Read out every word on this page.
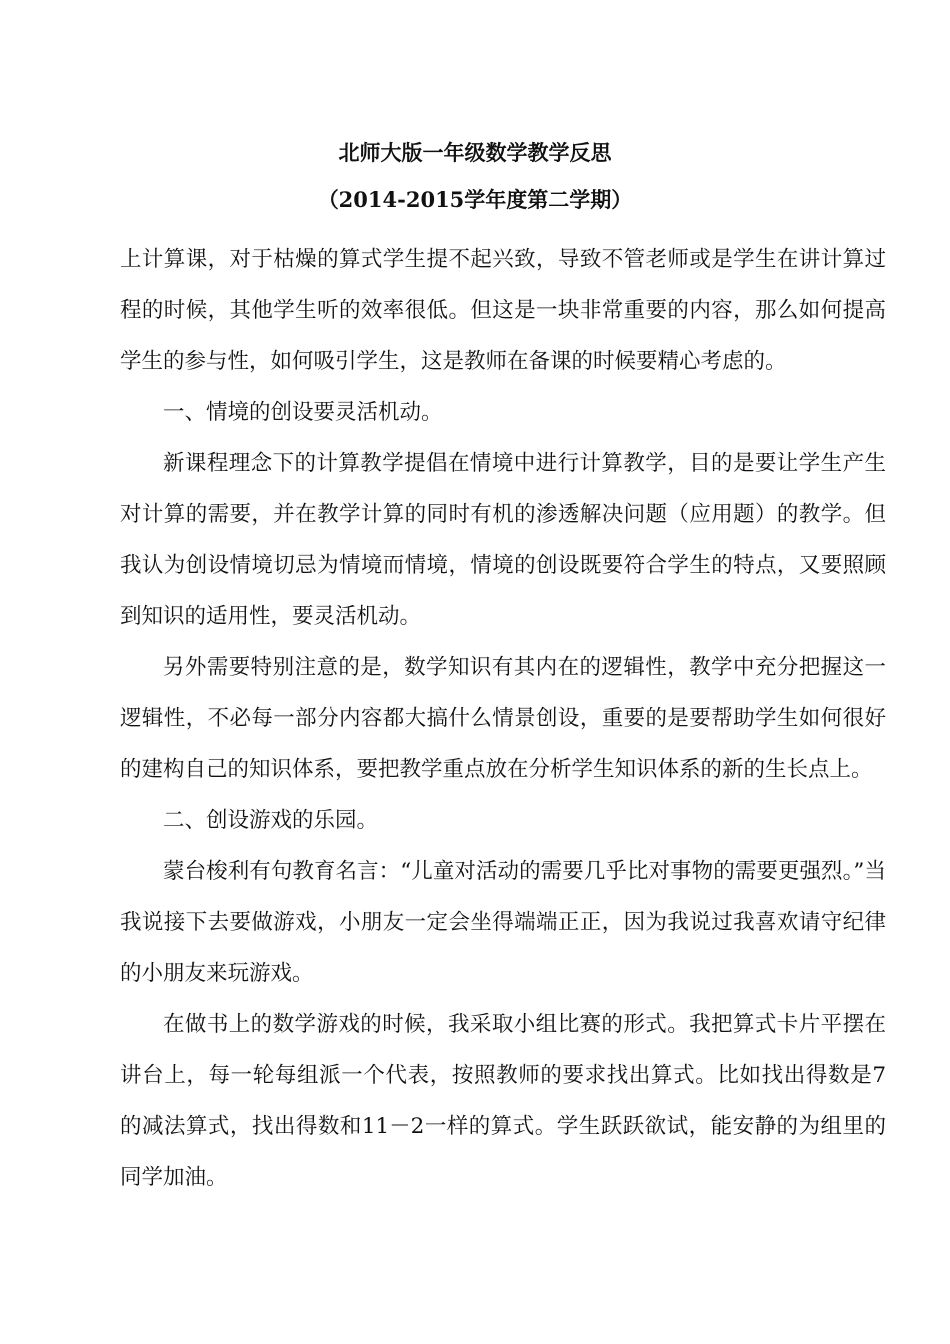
北师大版一年级数学教学反思
（2014-2015学年度第二学期）

上计算课，对于枯燥的算式学生提不起兴致，导致不管老师或是学生在讲计算过程的时候，其他学生听的效率很低。但这是一块非常重要的内容，那么如何提高学生的参与性，如何吸引学生，这是教师在备课的时候要精心考虑的。

一、情境的创设要灵活机动。

新课程理念下的计算教学提倡在情境中进行计算教学，目的是要让学生产生对计算的需要，并在教学计算的同时有机的渗透解决问题（应用题）的教学。但我认为创设情境切忌为情境而情境，情境的创设既要符合学生的特点，又要照顾到知识的适用性，要灵活机动。

另外需要特别注意的是，数学知识有其内在的逻辑性，教学中充分把握这一逻辑性，不必每一部分内容都大搞什么情景创设，重要的是要帮助学生如何很好的建构自己的知识体系，要把教学重点放在分析学生知识体系的新的生长点上。

二、创设游戏的乐园。

蒙台梭利有句教育名言：“儿童对活动的需要几乎比对事物的需要更强烈。”当我说接下去要做游戏，小朋友一定会坐得端端正正，因为我说过我喜欢请守纪律的小朋友来玩游戏。

在做书上的数学游戏的时候，我采取小组比赛的形式。我把算式卡片平摆在讲台上，每一轮每组派一个代表，按照教师的要求找出算式。比如找出得数是7的减法算式，找出得数和11－2一样的算式。学生跃跃欲试，能安静的为组里的同学加油。
